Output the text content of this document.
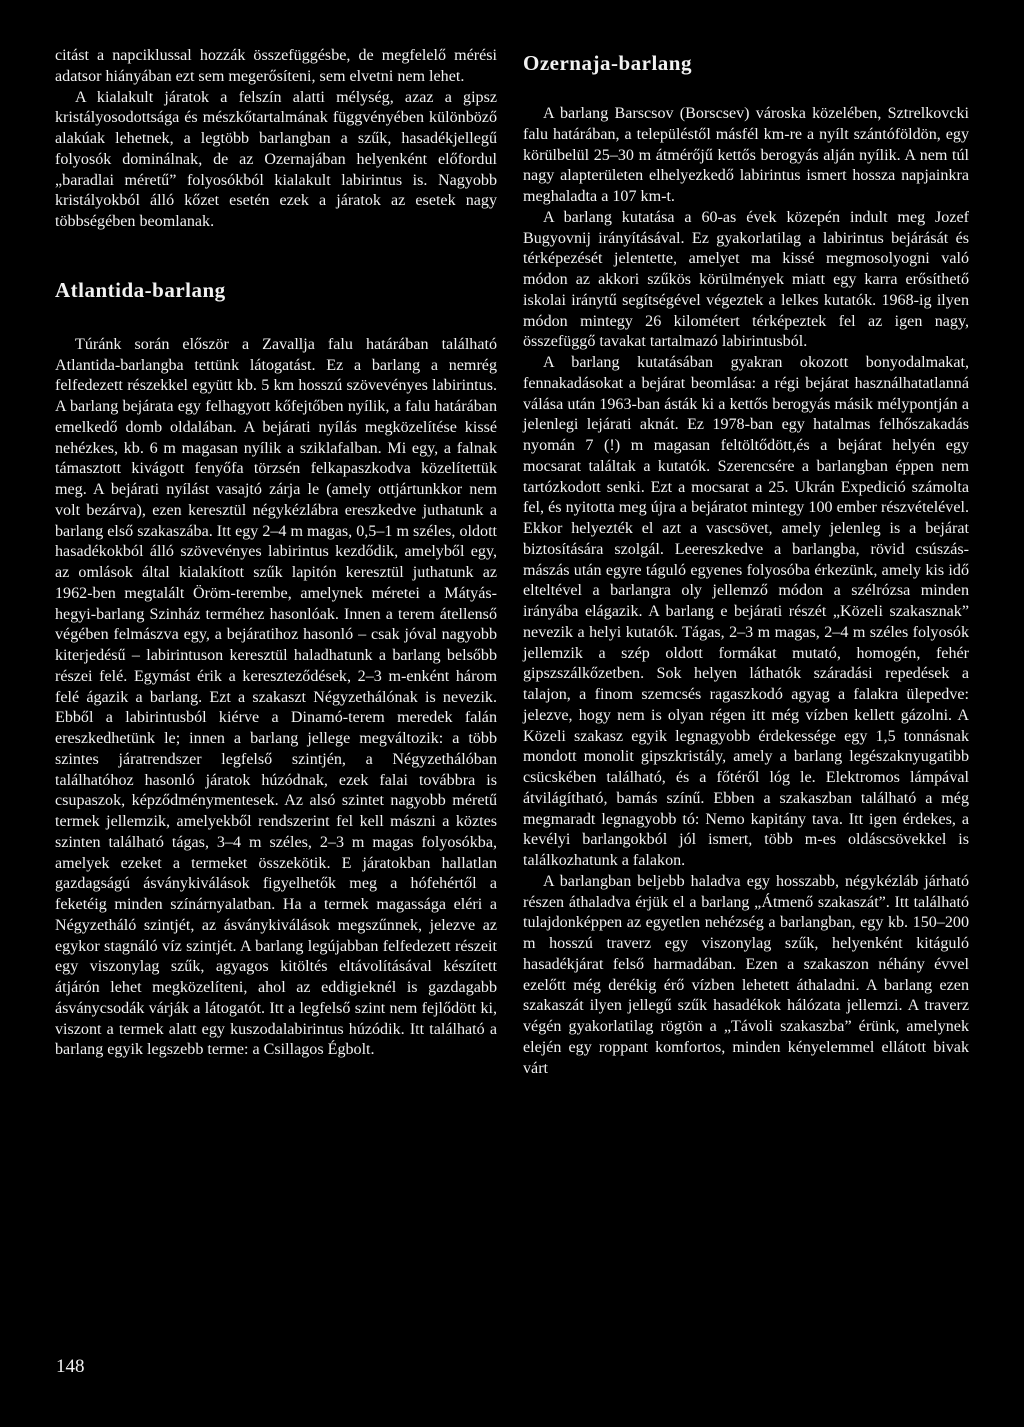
citást a napciklussal hozzák összefüggésbe, de megfelelő mérési adatsor hiányában ezt sem megerősíteni, sem elvetni nem lehet.

A kialakult járatok a felszín alatti mélység, azaz a gipsz kristályosodottsága és mészkőtartalmának függvényében különböző alakúak lehetnek, a legtöbb barlangban a szűk, hasadékjellegű folyosók dominálnak, de az Ozernajában helyenként előfordul „baradlai méretű” folyosókból kialakult labirintus is. Nagyobb kristályokból álló kőzet esetén ezek a járatok az esetek nagy többségében beomlanak.

Atlantida-barlang

Túránk során először a Zavallja falu határában található Atlantida-barlangba tettünk látogatást. Ez a barlang a nemrég felfedezett részekkel együtt kb. 5 km hosszú szövevényes labirintus. A barlang bejárata egy felhagyott kőfejtőben nyílik, a falu határában emelkedő domb oldalában. A bejárati nyílás megközelítése kissé nehézkes, kb. 6 m magasan nyílik a sziklafalban. Mi egy, a falnak támasztott kivágott fenyőfa törzsén felkapaszkodva közelítettük meg. A bejárati nyílást vasajtó zárja le (amely ottjártunkkor nem volt bezárva), ezen keresztül négykézlábra ereszkedve juthatunk a barlang első szakaszába. Itt egy 2–4 m magas, 0,5–1 m széles, oldott hasadékokból álló szövevényes labirintus kezdődik, amelyből egy, az omlások által kialakított szűk lapitón keresztül juthatunk az 1962-ben megtalált Öröm-terembe, amelynek méretei a Mátyás-hegyi-barlang Szinház terméhez hasonlóak. Innen a terem átellenső végében felmászva egy, a bejáratihoz hasonló – csak jóval nagyobb kiterjedésű – labirintuson keresztül haladhatunk a barlang belsőbb részei felé. Egymást érik a kereszteződések, 2–3 m-enként három felé ágazik a barlang. Ezt a szakaszt Négyzethálónak is nevezik. Ebből a labirintusból kiérve a Dinamó-terem meredek falán ereszkedhetünk le; innen a barlang jellege megváltozik: a több szintes járatrendszer legfelső szintjén, a Négyzethálóban találhatóhoz hasonló járatok húzódnak, ezek falai továbbra is csupaszok, képződménymentesek. Az alsó szintet nagyobb méretű termek jellemzik, amelyekből rendszerint fel kell mászni a köztes szinten található tágas, 3–4 m széles, 2–3 m magas folyosókba, amelyek ezeket a termeket összekötik. E járatokban hallatlan gazdagságú ásványkiválások figyelhetők meg a hófehértől a feketéig minden színárnyalatban. Ha a termek magassága eléri a Négyzetháló szintjét, az ásványkiválások megszűnnek, jelezve az egykor stagnáló víz szintjét. A barlang legújabban felfedezett részeit egy viszonylag szűk, agyagos kitöltés eltávolításával készített átjárón lehet megközelíteni, ahol az eddigieknél is gazdagabb ásványcsodák várják a látogatót. Itt a legfelső szint nem fejlődött ki, viszont a termek alatt egy kuszodalabirintus húzódik. Itt található a barlang egyik legszebb terme: a Csillagos Égbolt.

Ozernaja-barlang

A barlang Barscsov (Borscsev) városka közelében, Sztrelkovcki falu határában, a településtől másfél km-re a nyílt szántóföldön, egy körülbelül 25–30 m átmérőjű kettős berogyás alján nyílik. A nem túl nagy alapterületen elhelyezkedő labirintus ismert hossza napjainkra meghaladta a 107 km-t.

A barlang kutatása a 60-as évek közepén indult meg Jozef Bugyovnij irányításával. Ez gyakorlatilag a labirintus bejárását és térképezését jelentette, amelyet ma kissé megmosolyogni való módon az akkori szűkös körülmények miatt egy karra erősíthető iskolai iránytű segítségével végeztek a lelkes kutatók. 1968-ig ilyen módon mintegy 26 kilométert térképeztek fel az igen nagy, összefüggő tavakat tartalmazó labirintusból.

A barlang kutatásában gyakran okozott bonyodalmakat, fennakadásokat a bejárat beomlása: a régi bejárat használhatatlanná válása után 1963-ban ásták ki a kettős berogyás másik mélypontján a jelenlegi lejárati aknát. Ez 1978-ban egy hatalmas felhőszakadás nyomán 7 (!) m magasan feltöltődött,és a bejárat helyén egy mocsarat találtak a kutatók. Szerencsére a barlangban éppen nem tartózkodott senki. Ezt a mocsarat a 25. Ukrán Expedició számolta fel, és nyitotta meg újra a bejáratot mintegy 100 ember részvételével. Ekkor helyezték el azt a vascsövet, amely jelenleg is a bejárat biztosítására szolgál. Leereszkedve a barlangba, rövid csúszás-mászás után egyre táguló egyenes folyosóba érkezünk, amely kis idő elteltével a barlangra oly jellemző módon a szélrózsa minden irányába elágazik. A barlang e bejárati részét „Közeli szakasznak” nevezik a helyi kutatók. Tágas, 2–3 m magas, 2–4 m széles folyosók jellemzik a szép oldott formákat mutató, homogén, fehér gipszszálkőzetben. Sok helyen láthatók száradási repedések a talajon, a finom szemcsés ragaszkodó agyag a falakra ülepedve: jelezve, hogy nem is olyan régen itt még vízben kellett gázolni. A Közeli szakasz egyik legnagyobb érdekessége egy 1,5 tonnásnak mondott monolit gipszkristály, amely a barlang legészaknyugatibb csücskében található, és a főtéről lóg le. Elektromos lámpával átvilágítható, bamás színű. Ebben a szakaszban található a még megmaradt legnagyobb tó: Nemo kapitány tava. Itt igen érdekes, a kevélyi barlangokból jól ismert, több m-es oldáscsövekkel is találkozhatunk a falakon.

A barlangban beljebb haladva egy hosszabb, négykézláb járható részen áthaladva érjük el a barlang „Átmenő szakaszát”. Itt található tulajdonképpen az egyetlen nehézség a barlangban, egy kb. 150–200 m hosszú traverz egy viszonylag szűk, helyenként kitáguló hasadékjárat felső harmadában. Ezen a szakaszon néhány évvel ezelőtt még derékig érő vízben lehetett áthaladni. A barlang ezen szakaszát ilyen jellegű szűk hasadékok hálózata jellemzi. A traverz végén gyakorlatilag rögtön a „Távoli szakaszba” érünk, amelynek elején egy roppant komfortos, minden kényelemmel ellátott bivak várt

148
